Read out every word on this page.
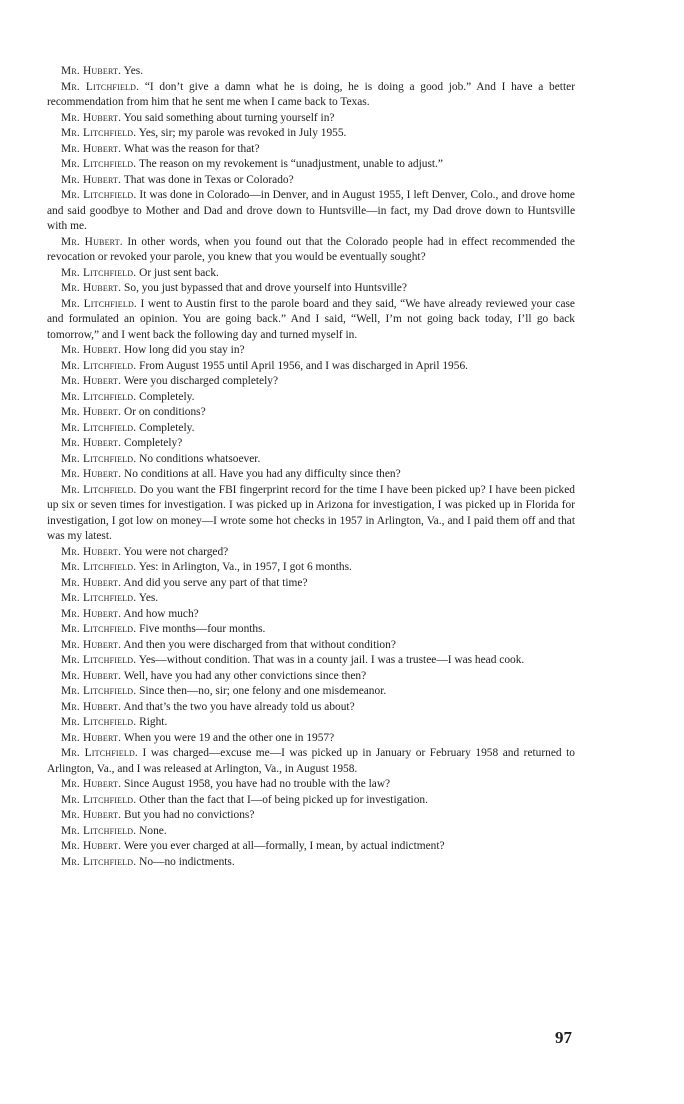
Mr. Hubert. Yes.

Mr. Litchfield. “I don’t give a damn what he is doing, he is doing a good job.” And I have a better recommendation from him that he sent me when I came back to Texas.

Mr. Hubert. You said something about turning yourself in?

Mr. Litchfield. Yes, sir; my parole was revoked in July 1955.

Mr. Hubert. What was the reason for that?

Mr. Litchfield. The reason on my revokement is “unadjustment, unable to adjust.”

Mr. Hubert. That was done in Texas or Colorado?

Mr. Litchfield. It was done in Colorado—in Denver, and in August 1955, I left Denver, Colo., and drove home and said goodbye to Mother and Dad and drove down to Huntsville—in fact, my Dad drove down to Huntsville with me.

Mr. Hubert. In other words, when you found out that the Colorado people had in effect recommended the revocation or revoked your parole, you knew that you would be eventually sought?

Mr. Litchfield. Or just sent back.

Mr. Hubert. So, you just bypassed that and drove yourself into Huntsville?

Mr. Litchfield. I went to Austin first to the parole board and they said, “We have already reviewed your case and formulated an opinion. You are going back.” And I said, “Well, I’m not going back today, I’ll go back tomorrow,” and I went back the following day and turned myself in.

Mr. Hubert. How long did you stay in?

Mr. Litchfield. From August 1955 until April 1956, and I was discharged in April 1956.

Mr. Hubert. Were you discharged completely?

Mr. Litchfield. Completely.

Mr. Hubert. Or on conditions?

Mr. Litchfield. Completely.

Mr. Hubert. Completely?

Mr. Litchfield. No conditions whatsoever.

Mr. Hubert. No conditions at all. Have you had any difficulty since then?

Mr. Litchfield. Do you want the FBI fingerprint record for the time I have been picked up? I have been picked up six or seven times for investigation. I was picked up in Arizona for investigation, I was picked up in Florida for investigation, I got low on money—I wrote some hot checks in 1957 in Arlington, Va., and I paid them off and that was my latest.

Mr. Hubert. You were not charged?

Mr. Litchfield. Yes: in Arlington, Va., in 1957, I got 6 months.

Mr. Hubert. And did you serve any part of that time?

Mr. Litchfield. Yes.

Mr. Hubert. And how much?

Mr. Litchfield. Five months—four months.

Mr. Hubert. And then you were discharged from that without condition?

Mr. Litchfield. Yes—without condition. That was in a county jail. I was a trustee—I was head cook.

Mr. Hubert. Well, have you had any other convictions since then?

Mr. Litchfield. Since then—no, sir; one felony and one misdemeanor.

Mr. Hubert. And that’s the two you have already told us about?

Mr. Litchfield. Right.

Mr. Hubert. When you were 19 and the other one in 1957?

Mr. Litchfield. I was charged—excuse me—I was picked up in January or February 1958 and returned to Arlington, Va., and I was released at Arlington, Va., in August 1958.

Mr. Hubert. Since August 1958, you have had no trouble with the law?

Mr. Litchfield. Other than the fact that I—of being picked up for investigation.

Mr. Hubert. But you had no convictions?

Mr. Litchfield. None.

Mr. Hubert. Were you ever charged at all—formally, I mean, by actual indictment?

Mr. Litchfield. No—no indictments.

97
